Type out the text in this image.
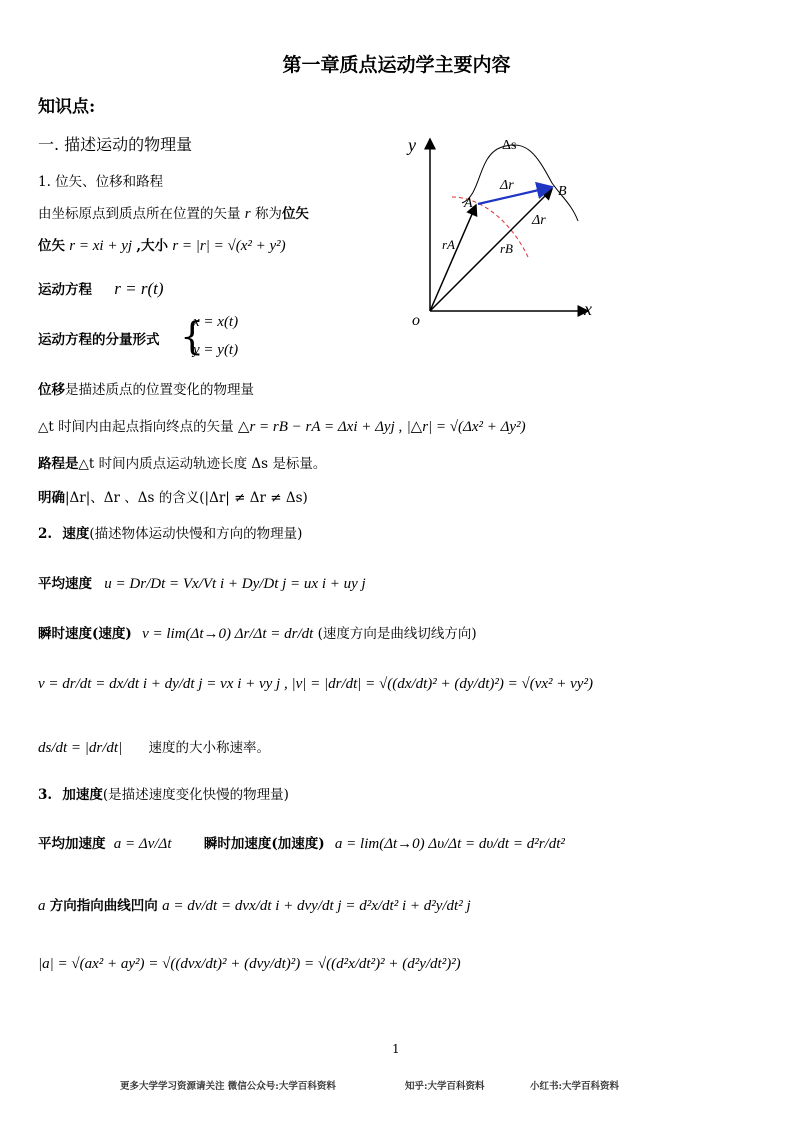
第一章质点运动学主要内容
知识点:
一. 描述运动的物理量
1. 位矢、位移和路程
由坐标原点到质点所在位置的矢量 r 称为位矢
位矢 r = xi + yj ,大小 r = |r| = √(x² + y²)
运动方程 r = r(t)
运动方程的分量形式 {
x = x(t)
y = y(t)
位移是描述质点的位置变化的物理量
△t 时间内由起点指向终点的矢量 △r = rB − rA = Δxi + Δyj , |△r| = √(Δx² + Δy²)
路程是△t 时间内质点运动轨迹长度 Δs 是标量。
明确|Δr|、Δr 、Δs 的含义(|Δr| ≠ Δr ≠ Δs)
2. 速度(描述物体运动快慢和方向的物理量)
平均速度 u = Dr/Dt = Vx/Vt i + Dy/Dt j = ux i + uy j
瞬时速度(速度) v = lim(Δt→0) Δr/Δt = dr/dt (速度方向是曲线切线方向)
v = dr/dt = dx/dt i + dy/dt j = vx i + vy j , |v| = |dr/dt| = √((dx/dt)² + (dy/dt)²) = √(vx² + vy²)
ds/dt = |dr/dt| 速度的大小称速率。
3. 加速度(是描述速度变化快慢的物理量)
平均加速度 a = Δv/Δt 瞬时加速度(加速度) a = lim(Δt→0) Δυ/Δt = dυ/dt = d²r/dt²
a 方向指向曲线凹向 a = dv/dt = dvx/dt i + dvy/dt j = d²x/dt² i + d²y/dt² j
|a| = √(ax² + ay²) = √((dvx/dt)² + (dvy/dt)²) = √((d²x/dt²)² + (d²y/dt²)²)
1
更多大学学习资源请关注 微信公众号:大学百科资料	知乎:大学百科资料	小红书:大学百科资料
y
x
o
Δs
Δr
Δr
A
B
rA	rB
